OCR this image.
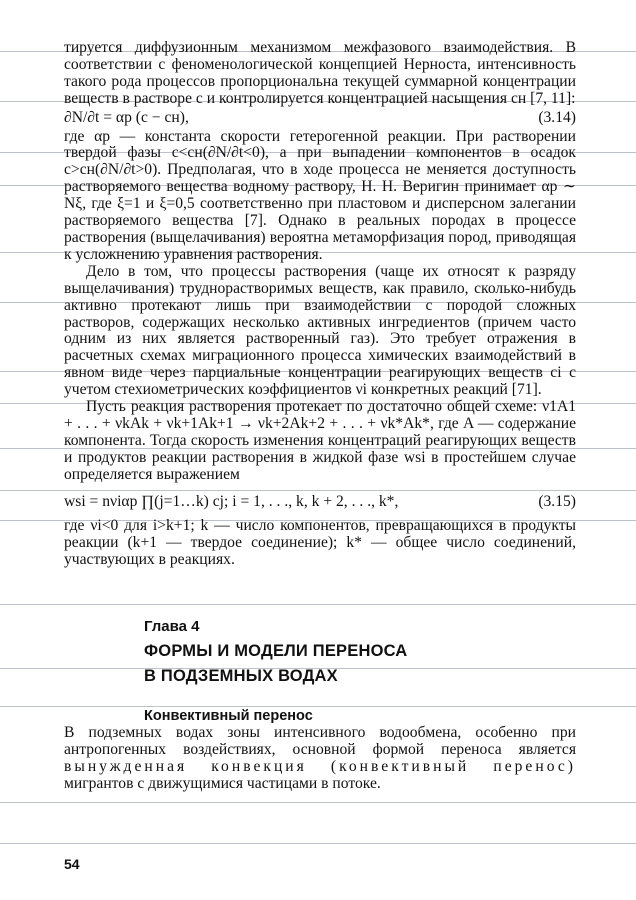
тируется диффузионным механизмом межфазового взаимодействия. В соответствии с феноменологической концепцией Нерноста, интенсивность такого рода процессов пропорциональна текущей суммарной концентрации веществ в растворе c и контролируется концентрацией насыщения cн [7, 11]:

∂N/∂t = αр (c − cн),	(3.14)

где αр — константа скорости гетерогенной реакции. При растворении твердой фазы c<cн(∂N/∂t<0), а при выпадении компонентов в осадок c>cн(∂N/∂t>0). Предполагая, что в ходе процесса не меняется доступность растворяемого вещества водному раствору, Н. Н. Веригин принимает αр ∼ Nξ, где ξ=1 и ξ=0,5 соответственно при пластовом и дисперсном залегании растворяемого вещества [7]. Однако в реальных породах в процессе растворения (выщелачивания) вероятна метаморфизация пород, приводящая к усложнению уравнения растворения.

Дело в том, что процессы растворения (чаще их относят к разряду выщелачивания) труднорастворимых веществ, как правило, сколько-нибудь активно протекают лишь при взаимодействии с породой сложных растворов, содержащих несколько активных ингредиентов (причем часто одним из них является растворенный газ). Это требует отражения в расчетных схемах миграционного процесса химических взаимодействий в явном виде через парциальные концентрации реагирующих веществ ci с учетом стехиометрических коэффициентов νi конкретных реакций [71].

Пусть реакция растворения протекает по достаточно общей схеме: ν1A1 + . . . + νkAk + νk+1Ak+1 → νk+2Ak+2 + . . . + νk*Ak*, где A — содержание компонента. Тогда скорость изменения концентраций реагирующих веществ и продуктов реакции растворения в жидкой фазе wsi в простейшем случае определяется выражением

wsi = nνiαр ∏(j=1…k) cj; i = 1, . . ., k, k + 2, . . ., k*,	(3.15)

где νi<0 для i>k+1; k — число компонентов, превращающихся в продукты реакции (k+1 — твердое соединение); k* — общее число соединений, участвующих в реакциях.

Глава 4
ФОРМЫ И МОДЕЛИ ПЕРЕНОСА
В ПОДЗЕМНЫХ ВОДАХ
Конвективный перенос

В подземных водах зоны интенсивного водообмена, особенно при антропогенных воздействиях, основной формой переноса является вынужденная конвекция (конвективный перенос) мигрантов с движущимися частицами в потоке.

54
